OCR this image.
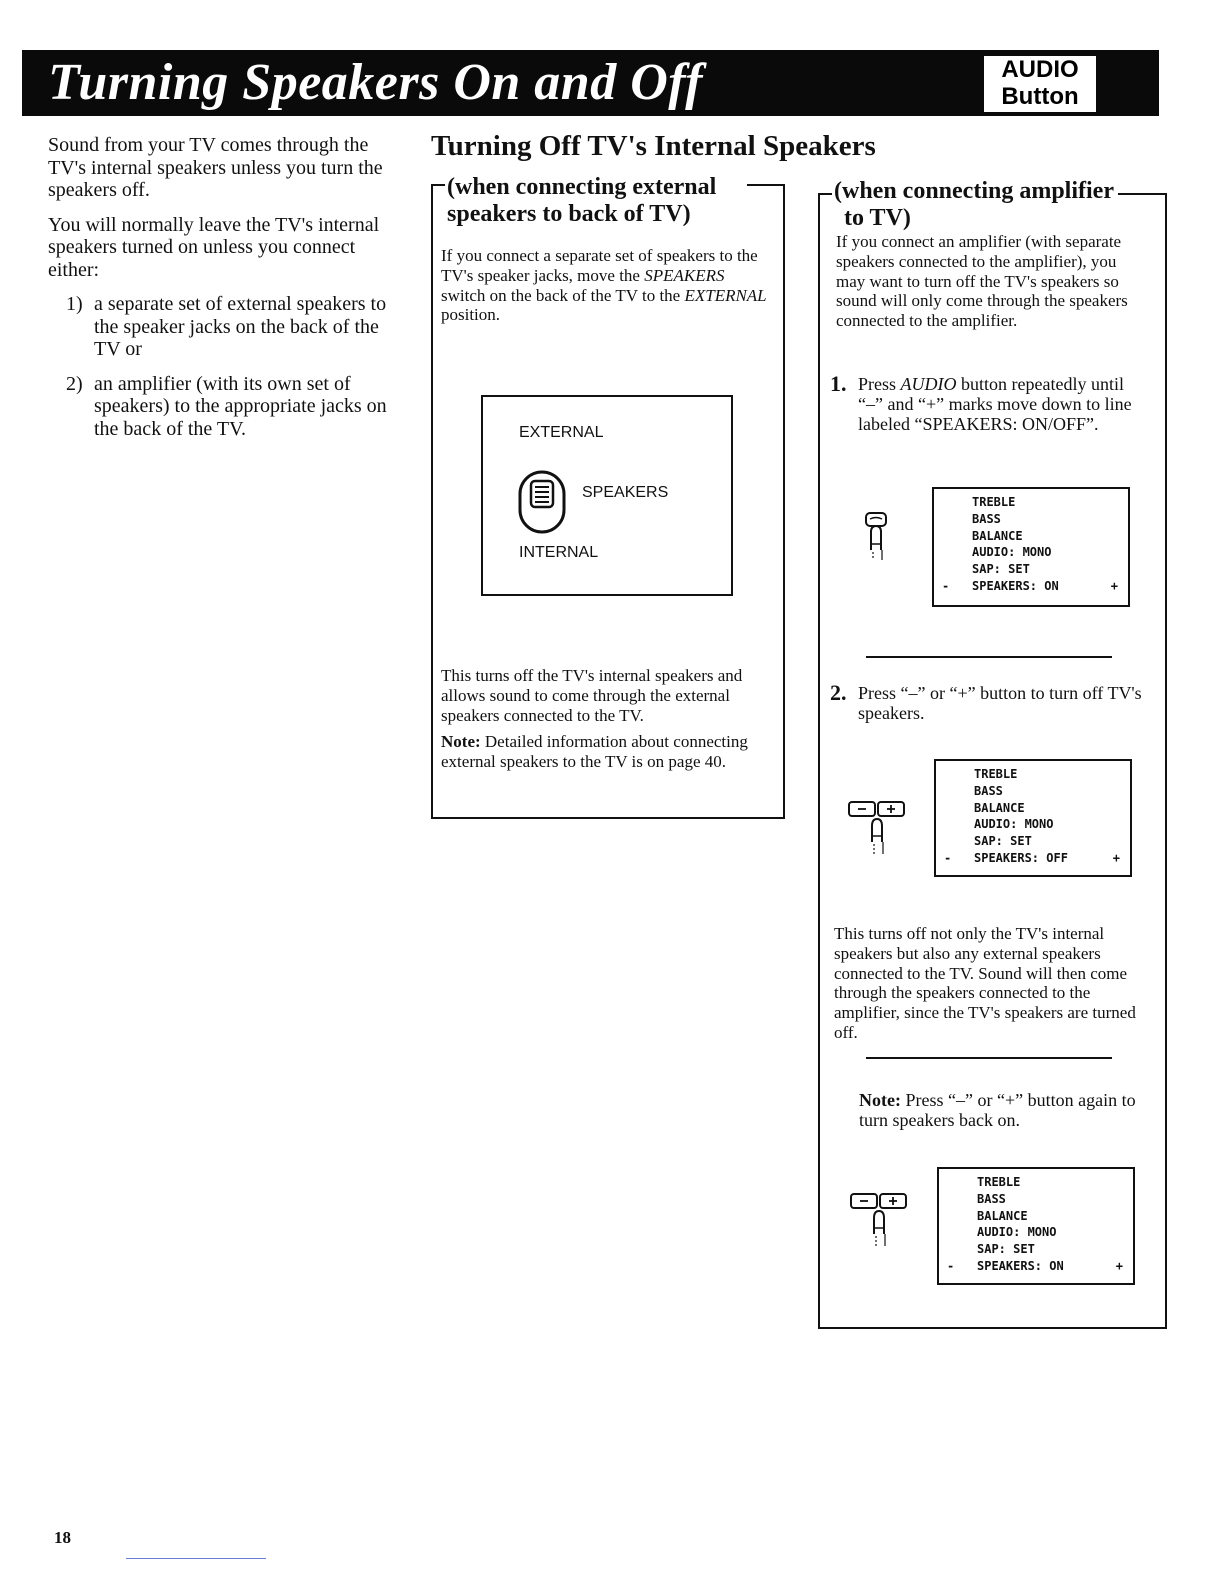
Turning Speakers On and Off	AUDIO
Button

Sound from your TV comes through the TV's internal speakers unless you turn the speakers off.

You will normally leave the TV's internal speakers turned on unless you connect either:

1) a separate set of external speakers to the speaker jacks on the back of the TV or
2) an amplifier (with its own set of speakers) to the appropriate jacks on the back of the TV.
Turning Off TV's Internal Speakers
(when connecting external
speakers to back of TV)

If you connect a separate set of speakers to the TV's speaker jacks, move the SPEAKERS switch on the back of the TV to the EXTERNAL position.

EXTERNAL
SPEAKERS
INTERNAL

This turns off the TV's internal speakers and allows sound to come through the external speakers connected to the TV.

Note: Detailed information about connecting external speakers to the TV is on page 40.

(when connecting amplifier
to TV)

If you connect an amplifier (with separate speakers connected to the amplifier), you may want to turn off the TV's speakers so sound will only come through the speakers connected to the amplifier.

1. Press AUDIO button repeatedly until “–” and “+” marks move down to line labeled “SPEAKERS: ON/OFF”.

TREBLE
BASS
BALANCE
AUDIO: MONO
SAP: SET
- SPEAKERS: ON	+
2. Press “–” or “+” button to turn off TV's speakers.

TREBLE
BASS
BALANCE
AUDIO: MONO
SAP: SET
- SPEAKERS: OFF	+

This turns off not only the TV's internal speakers but also any external speakers connected to the TV. Sound will then come through the speakers connected to the amplifier, since the TV's speakers are turned off.

Note: Press “–” or “+” button again to turn speakers back on.

TREBLE
BASS
BALANCE
AUDIO: MONO
SAP: SET
- SPEAKERS: ON	+
18
